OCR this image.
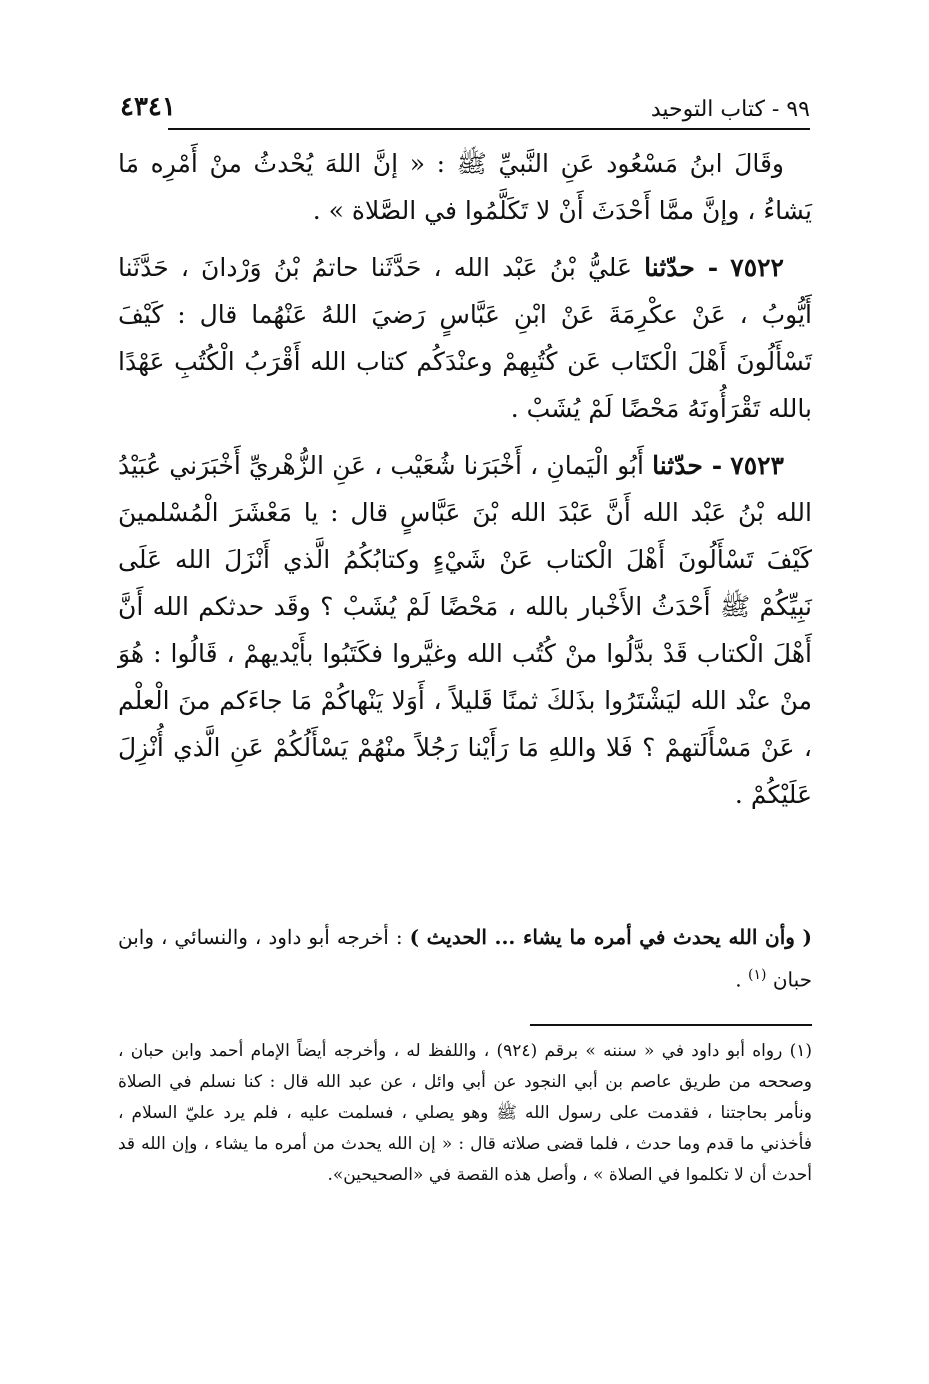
٩٩ - كتاب التوحيد
٤٣٤١

وقَالَ ابنُ مَسْعُود عَنِ النَّبيِّ ﷺ : « إنَّ اللهَ يُحْدثُ منْ أَمْرِه مَا يَشاءُ ، وإنَّ ممَّا أَحْدَثَ أَنْ لا تَكَلَّمُوا في الصَّلاة » .

٧٥٢٢ - حدّثنا عَليُّ بْنُ عَبْد الله ، حَدَّثَنا حاتمُ بْنُ وَرْدانَ ، حَدَّثَنا أَيُّوبُ ، عَنْ عكْرِمَةَ عَنْ ابْنِ عَبَّاسٍ رَضيَ اللهُ عَنْهُما قال : كَيْفَ تَسْأَلُونَ أَهْلَ الْكتَاب عَن كُتُبِهمْ وعنْدَكُم كتاب الله أَقْرَبُ الْكُتُبِ عَهْدًا بالله تَقْرَأُونَهُ مَحْضًا لَمْ يُشَبْ .

٧٥٢٣ - حدّثنا أَبُو الْيَمانِ ، أَخْبَرَنا شُعَيْب ، عَنِ الزُّهْريِّ أَخْبَرَني عُبَيْدُ الله بْنُ عَبْد الله أَنَّ عَبْدَ الله بْنَ عَبَّاسٍ قال : يا مَعْشَرَ الْمُسْلمينَ كَيْفَ تَسْأَلُونَ أَهْلَ الْكتاب عَنْ شَيْءٍ وكتابُكُمُ الَّذي أَنْزَلَ الله عَلَى نَبِيِّكُمْ ﷺ أَحْدَثُ الأَخْبار بالله ، مَحْضًا لَمْ يُشَبْ ؟ وقَد حدثكم الله أَنَّ أَهْلَ الْكتاب قَدْ بدَّلُوا منْ كُتُب الله وغيَّروا فكَتَبُوا بأَيْديهمْ ، قَالُوا : هُوَ منْ عنْد الله ليَشْتَرُوا بذَلكَ ثمنًا قَليلاً ، أَوَلا يَنْهاكُمْ مَا جاءَكم منَ الْعلْم ، عَنْ مَسْأَلَتهمْ ؟ فَلا واللهِ مَا رَأَيْنا رَجُلاً منْهُمْ يَسْأَلُكُمْ عَنِ الَّذي أُنْزِلَ عَلَيْكُمْ .

( وأن الله يحدث في أمره ما يشاء ... الحديث ) : أخرجه أبو داود ، والنسائي ، وابن حبان $^{(١)}$ .
(١) رواه أبو داود في « سننه » برقم (٩٢٤) ، واللفظ له ، وأخرجه أيضاً الإمام أحمد وابن حبان ، وصححه من طريق عاصم بن أبي النجود عن أبي وائل ، عن عبد الله قال : كنا نسلم في الصلاة ونأمر بحاجتنا ، فقدمت على رسول الله ﷺ وهو يصلي ، فسلمت عليه ، فلم يرد عليّ السلام ، فأخذني ما قدم وما حدث ، فلما قضى صلاته قال : « إن الله يحدث من أمره ما يشاء ، وإن الله قد أحدث أن لا تكلموا في الصلاة » ، وأصل هذه القصة في «الصحيحين».
